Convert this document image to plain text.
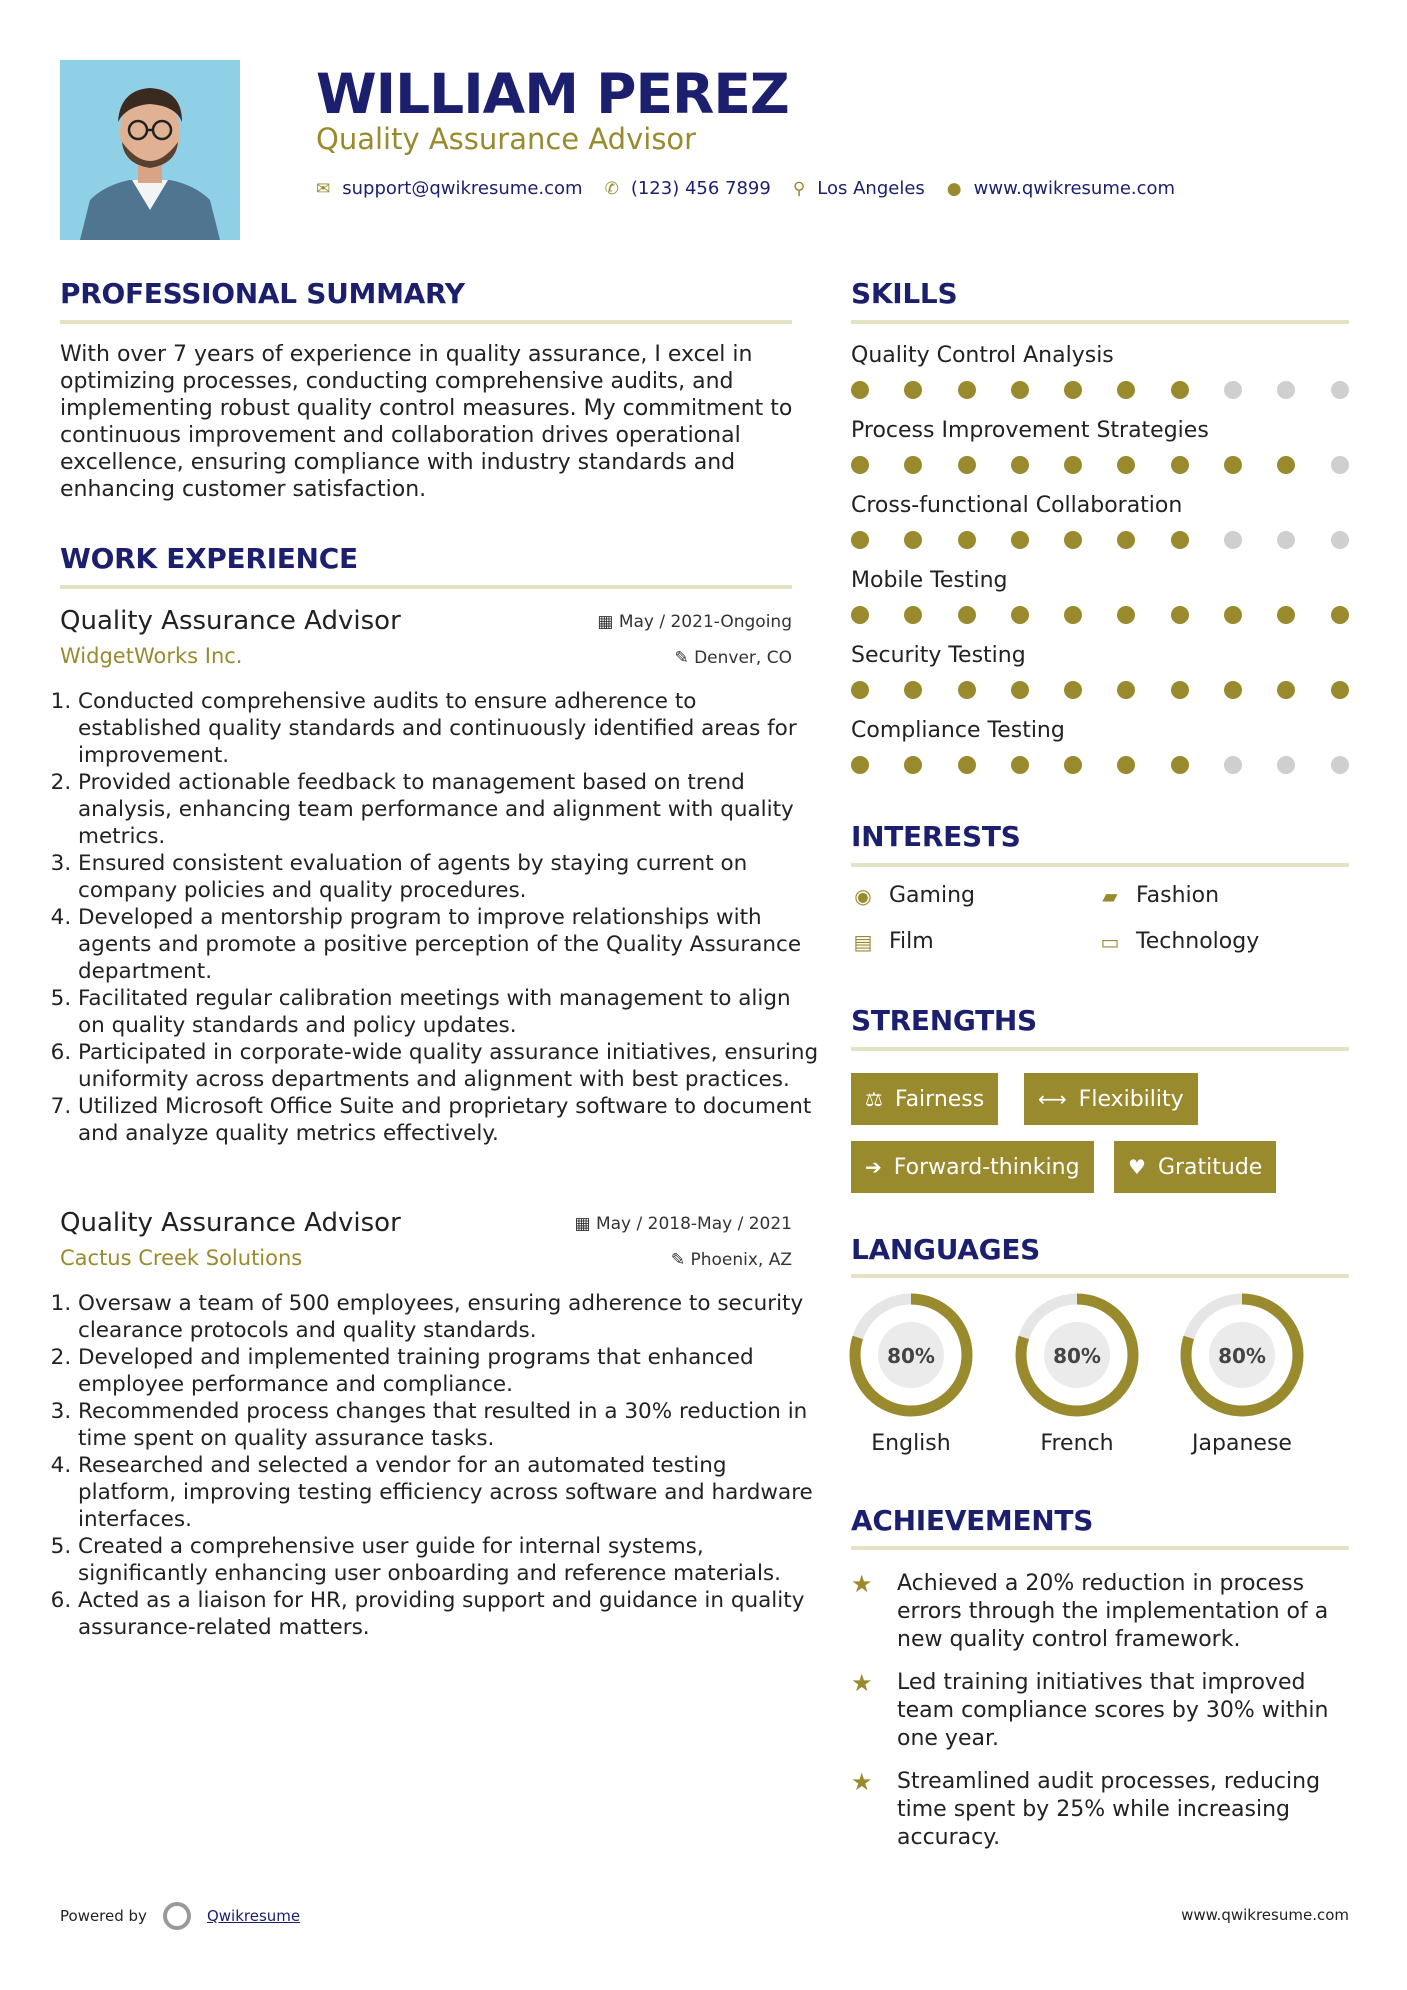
WILLIAM PEREZ
Quality Assurance Advisor
✉ support@qwikresume.com ✆ (123) 456 7899 ⚲ Los Angeles ● www.qwikresume.com
PROFESSIONAL SUMMARY

With over 7 years of experience in quality assurance, I excel in optimizing processes, conducting comprehensive audits, and implementing robust quality control measures. My commitment to continuous improvement and collaboration drives operational excellence, ensuring compliance with industry standards and enhancing customer satisfaction.

WORK EXPERIENCE
Quality Assurance Advisor	▦ May / 2021-Ongoing
WidgetWorks Inc.	✎ Denver, CO
1. Conducted comprehensive audits to ensure adherence to established quality standards and continuously identified areas for improvement.
2. Provided actionable feedback to management based on trend analysis, enhancing team performance and alignment with quality metrics.
3. Ensured consistent evaluation of agents by staying current on company policies and quality procedures.
4. Developed a mentorship program to improve relationships with agents and promote a positive perception of the Quality Assurance department.
5. Facilitated regular calibration meetings with management to align on quality standards and policy updates.
6. Participated in corporate-wide quality assurance initiatives, ensuring uniformity across departments and alignment with best practices.
7. Utilized Microsoft Office Suite and proprietary software to document and analyze quality metrics effectively.
Quality Assurance Advisor	▦ May / 2018-May / 2021
Cactus Creek Solutions	✎ Phoenix, AZ
1. Oversaw a team of 500 employees, ensuring adherence to security clearance protocols and quality standards.
2. Developed and implemented training programs that enhanced employee performance and compliance.
3. Recommended process changes that resulted in a 30% reduction in time spent on quality assurance tasks.
4. Researched and selected a vendor for an automated testing platform, improving testing efficiency across software and hardware interfaces.
5. Created a comprehensive user guide for internal systems, significantly enhancing user onboarding and reference materials.
6. Acted as a liaison for HR, providing support and guidance in quality assurance-related matters.
SKILLS
Quality Control Analysis
Process Improvement Strategies
Cross-functional Collaboration
Mobile Testing
Security Testing
Compliance Testing
INTERESTS
◉ Gaming	▰ Fashion
▤ Film	▭ Technology
STRENGTHS
⚖ Fairness	⟷ Flexibility
➔ Forward-thinking ♥ Gratitude
LANGUAGES
80%
English
80%
French
80%
Japanese
ACHIEVEMENTS
★	Achieved a 20% reduction in process errors through the implementation of a new quality control framework.
★	Led training initiatives that improved team compliance scores by 30% within one year.
★	Streamlined audit processes, reducing time spent by 25% while increasing accuracy.
Powered by	Qwikresume	www.qwikresume.com
